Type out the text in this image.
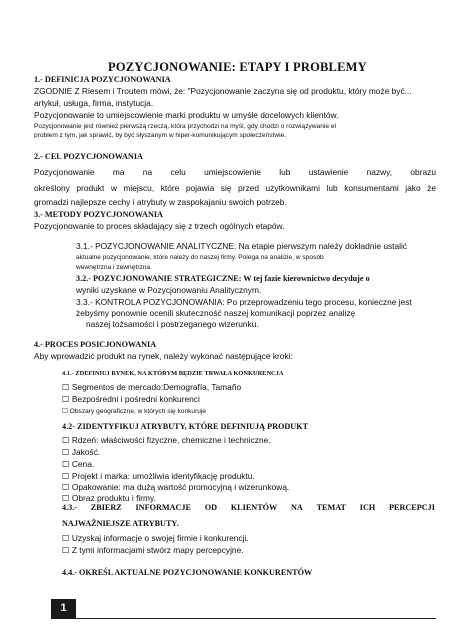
POZYCJONOWANIE: ETAPY I PROBLEMY

1.- DEFINICJA POZYCJONOWANIA

ZGODNIE Z Riesem i Troutem mówi, że: "Pozycjonowanie zaczyna się od produktu, który może być...

artykuł, usługa, firma, instytucja.

Pozycjonowanie to umiejscowienie marki produktu w umyśle docelowych klientów.

Pozycjonowanie jest również pierwszą rzeczą, która przychodzi na myśl, gdy chodzi o rozwiązywanie el

problem z tym, jak sprawić, by być słyszanym w hiper-komunikującym społeczeństwie.

2.- CEL POZYCJONOWANIA

Pozycjonowanie ma na celu umiejscowienie lub ustawienie nazwy, obrazu
określony produkt w miejscu, które pojawia się przed użytkownikami lub konsumentami jako że

gromadzi najlepsze cechy i atrybuty w zaspokajaniu swoich potrzeb.

3.- METODY POZYCJONOWANIA

Pozycjonowanie to proces składający się z trzech ogólnych etapów.

3.1.- POZYCJONOWANIE ANALITYCZNE: Na etapie pierwszym należy dokładnie ustalić

aktualne pozycjonowanie, które należy do naszej firmy. Polega na analizie, w sposób

wewnętrzna i zewnętrzna.

3.2.- POZYCJONOWANIE STRATEGICZNE: W tej fazie kierownictwo decyduje o

wyniki uzyskane w Pozycjonowaniu Analitycznym.

3.3.- KONTROLA POZYCJONOWANIA: Po przeprowadzeniu tego procesu, konieczne jest

żebyśmy ponownie ocenili skuteczność naszej komunikacji poprzez analizę

naszej tożsamości i postrzeganego wizerunku.

4.- PROCES POSICJONOWANIA

Aby wprowadzić produkt na rynek, należy wykonać następujące kroki:

4.1.- ZDEFINIUJ RYNEK, NA KTÓRYM BĘDZIE TRWAŁA KONKURENCJA

☐ Segmentos de mercado:Demografía, Tamaño

☐ Bezpośredni i pośredni konkurenci

☐ Obszary geograficzne, w których się konkuruje

4.2- ZIDENTYFIKUJ ATRYBUTY, KTÓRE DEFINIUJĄ PRODUKT

☐ Rdzeń: właściwości fizyczne, chemiczne i techniczne.

☐ Jakość.

☐ Cena.

☐ Projekt i marka: umożliwia identyfikację produktu.

☐ Opakowanie: ma dużą wartość promocyjną i wizerunkową.

☐ Obraz produktu i firmy.

4.3.- ZBIERZ INFORMACJE OD KLIENTÓW NA TEMAT ICH PERCEPCJI

NAJWAŻNIEJSZE ATRYBUTY.

☐ Uzyskaj informacje o swojej firmie i konkurencji.

☐ Z tymi informacjami stwórz mapy percepcyjne.

4.4.- OKREŚL AKTUALNE POZYCJONOWANIE KONKURENTÓW

1
